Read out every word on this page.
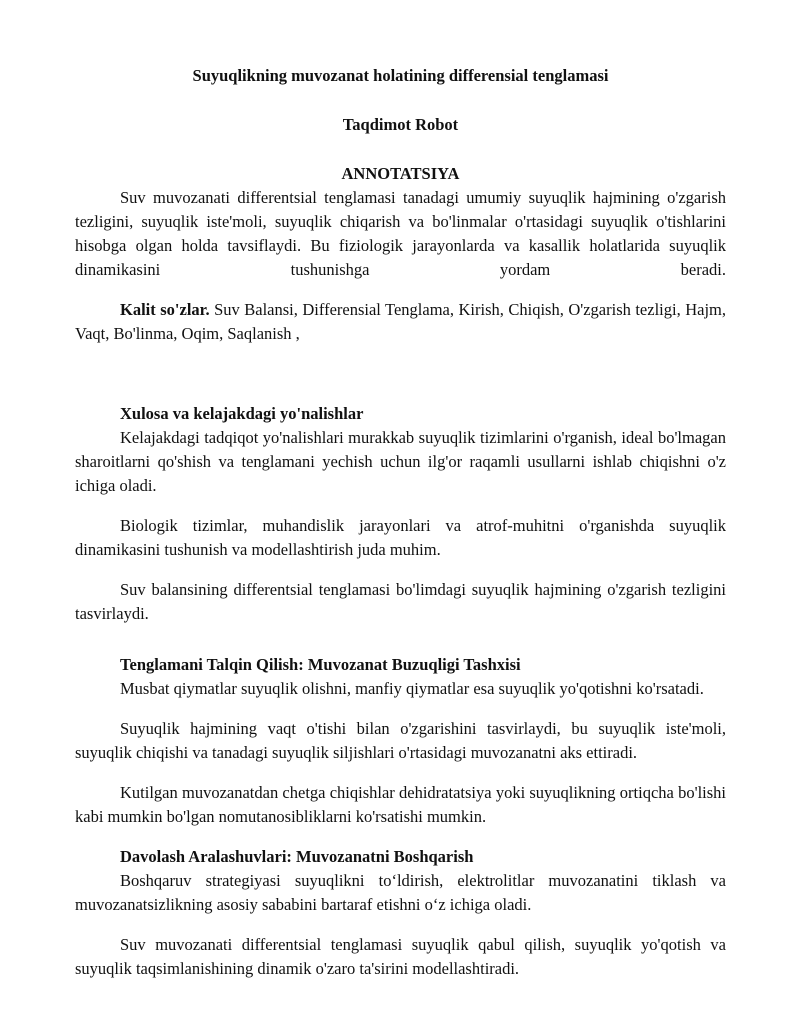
Suyuqlikning muvozanat holatining differensial tenglamasi
Taqdimot Robot
ANNOTATSIYA

Suv muvozanati differentsial tenglamasi tanadagi umumiy suyuqlik hajmining o'zgarish tezligini, suyuqlik iste'moli, suyuqlik chiqarish va bo'linmalar o'rtasidagi suyuqlik o'tishlarini hisobga olgan holda tavsiflaydi. Bu fiziologik jarayonlarda va kasallik holatlarida suyuqlik dinamikasini tushunishga yordam beradi.

Kalit so'zlar. Suv Balansi, Differensial Tenglama, Kirish, Chiqish, O'zgarish tezligi, Hajm, Vaqt, Bo'linma, Oqim, Saqlanish ,

Xulosa va kelajakdagi yo'nalishlar

Kelajakdagi tadqiqot yo'nalishlari murakkab suyuqlik tizimlarini o'rganish, ideal bo'lmagan sharoitlarni qo'shish va tenglamani yechish uchun ilg'or raqamli usullarni ishlab chiqishni o'z ichiga oladi.

Biologik tizimlar, muhandislik jarayonlari va atrof-muhitni o'rganishda suyuqlik dinamikasini tushunish va modellashtirish juda muhim.

Suv balansining differentsial tenglamasi bo'limdagi suyuqlik hajmining o'zgarish tezligini tasvirlaydi.

Tenglamani Talqin Qilish: Muvozanat Buzuqligi Tashxisi

Musbat qiymatlar suyuqlik olishni, manfiy qiymatlar esa suyuqlik yo'qotishni ko'rsatadi.

Suyuqlik hajmining vaqt o'tishi bilan o'zgarishini tasvirlaydi, bu suyuqlik iste'moli, suyuqlik chiqishi va tanadagi suyuqlik siljishlari o'rtasidagi muvozanatni aks ettiradi.

Kutilgan muvozanatdan chetga chiqishlar dehidratatsiya yoki suyuqlikning ortiqcha bo'lishi kabi mumkin bo'lgan nomutanosibliklarni ko'rsatishi mumkin.

Davolash Aralashuvlari: Muvozanatni Boshqarish

Boshqaruv strategiyasi suyuqlikni to‘ldirish, elektrolitlar muvozanatini tiklash va muvozanatsizlikning asosiy sababini bartaraf etishni o‘z ichiga oladi.

Suv muvozanati differentsial tenglamasi suyuqlik qabul qilish, suyuqlik yo'qotish va suyuqlik taqsimlanishining dinamik o'zaro ta'sirini modellashtiradi.
